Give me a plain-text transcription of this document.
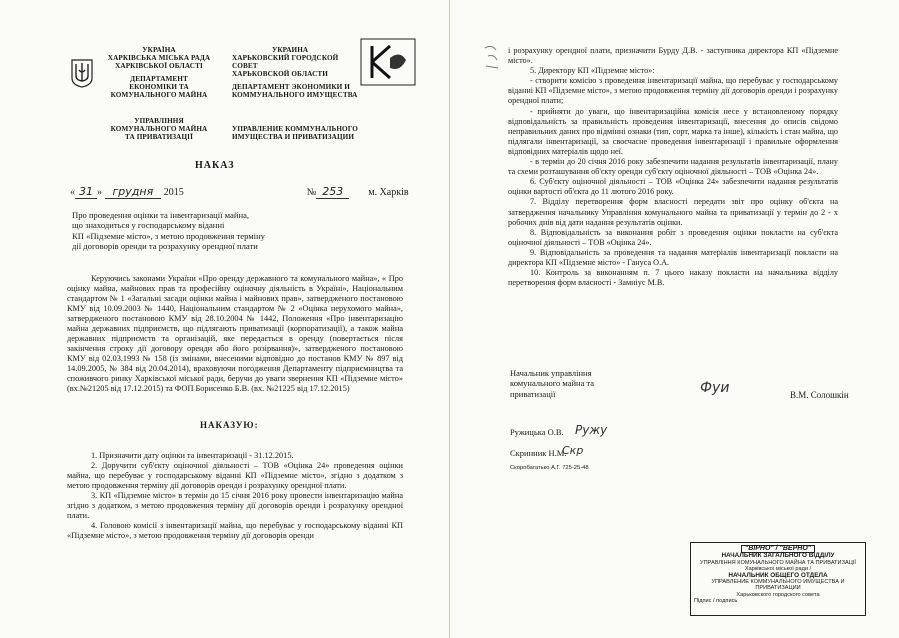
УКРАЇНА
ХАРКІВСЬКА МІСЬКА РАДА
ХАРКІВСЬКОЇ ОБЛАСТІ
ДЕПАРТАМЕНТ
ЕКОНОМІКИ ТА
КОМУНАЛЬНОГО МАЙНА
УПРАВЛІННЯ
КОМУНАЛЬНОГО МАЙНА
ТА ПРИВАТИЗАЦІЇ
УКРАИНА
ХАРЬКОВСКИЙ ГОРОДСКОЙ СОВЕТ
ХАРЬКОВСКОЙ ОБЛАСТИ
ДЕПАРТАМЕНТ ЭКОНОМИКИ И
КОММУНАЛЬНОГО ИМУЩЕСТВА
УПРАВЛЕНИЕ КОММУНАЛЬНОГО
ИМУЩЕСТВА И ПРИВАТИЗАЦИИ
НАКАЗ
« 31 » грудня 2015	№ 253	м. Харків
Про проведення оцінки та інвентаризації майна,
що знаходиться у господарському віданні
КП «Підземне місто», з метою продовження терміну
дії договорів оренди та розрахунку орендної плати

Керуючись законами України «Про оренду державного та комунального майна», « Про оцінку майна, майнових прав та професійну оціночну діяльність в Україні», Національним стандартом № 1 «Загальні засади оцінки майна і майнових прав», затвердженого постановою КМУ від 10.09.2003 № 1440, Національним стандартом № 2 «Оцінка нерухомого майна», затвердженого постановою КМУ від 28.10.2004 № 1442, Положення «Про інвентаризацію майна державних підприємств, що підлягають приватизації (корпоратизації), а також майна державних підприємств та організацій, яке передається в оренду (повертається після закінчення строку дії договору оренди або його розірвання)», затвердженого постановою КМУ від 02.03.1993 № 158 (із змінами, внесеними відповідно до постанов КМУ № 897 від 14.09.2005, № 384 від 20.04.2014), враховуючи погодження Департаменту підприємництва та споживчого ринку Харківської міської ради, беручи до уваги звернення КП «Підземне місто» (вх.№21205 від 17.12.2015) та ФОП Борисенко Б.В. (вх. №21225 від 17.12.2015)

НАКАЗУЮ:

1. Призначити дату оцінки та інвентаризації - 31.12.2015.

2. Доручити суб'єкту оціночної діяльності – ТОВ «Оцінка 24» проведення оцінки майна, що перебуває у господарському віданні КП «Підземне місто», згідно з додатком з метою продовження терміну дії договорів оренди і розрахунку орендної плати.

3. КП «Підземне місто» в термін до 15 січня 2016 року провести інвентаризацію майна згідно з додатком, з метою продовження терміну дії договорів оренди і розрахунку орендної плати.

4. Головою комісії з інвентаризації майна, що перебуває у господарському віданні КП «Підземне місто», з метою продовження терміну дії договорів оренди

і розрахунку орендної плати, призначити Бурду Д.В. - заступника директора КП «Підземне місто».

5. Директору КП «Підземне місто»:

- створити комісію з проведення інвентаризації майна, що перебуває у господарському віданні КП «Підземне місто», з метою продовження терміну дії договорів оренди і розрахунку орендної плати;

- прийняти до уваги, що інвентаризаційна комісія несе у встановленому порядку відповідальність за правильність проведення інвентаризації, внесення до описів свідомо неправильних даних про відмінні ознаки (тип, сорт, марка та інше), кількість і стан майна, що підлягали інвентаризації, за своєчасне проведення інвентаризації і правильне оформлення відповідних матеріалів щодо неї.

- в термін до 20 січня 2016 року забезпечити надання результатів інвентаризації, плану та схеми розташування об'єкту оренди суб'єкту оціночної діяльності – ТОВ «Оцінка 24».

6. Суб'єкту оціночної діяльності – ТОВ «Оцінка 24» забезпечити надання результатів оцінки вартості об'єкта до 11 лютого 2016 року.

7. Відділу перетворення форм власності передати звіт про оцінку об'єкта на затвердження начальнику Управління комунального майна та приватизації у термін до 2 - х робочих днів від дати надання результатів оцінки.

8. Відповідальність за виконання робіт з проведення оцінки покласти на суб'єкта оціночної діяльності – ТОВ «Оцінка 24».

9. Відповідальність за проведення та надання матеріалів інвентаризації покласти на директора КП «Підземне місто» - Гануса О.А.

10. Контроль за виконанням п. 7 цього наказу покласти на начальника відділу перетворення форм власності - Замніус М.В.

Начальник управління
комунального майна та
приватизації	Фуи	В.М. Солошкін
Ружицька О.В. Ружу
Скринник Н.М.
Скр
Скоробагатько А.Г. 725-25-48
"ВІРНО" / "ВЕРНО"
НАЧАЛЬНИК ЗАГАЛЬНОГО ВІДДІЛУ
УПРАВЛІННЯ КОМУНАЛЬНОГО МАЙНА ТА ПРИВАТИЗАЦІЇ
Харківської міської ради /
НАЧАЛЬНИК ОБЩЕГО ОТДЕЛА
УПРАВЛЕНИЕ КОММУНАЛЬНОГО ИМУЩЕСТВА И ПРИВАТИЗАЦИИ
Харьковского городского совета
Підпис / подпись
